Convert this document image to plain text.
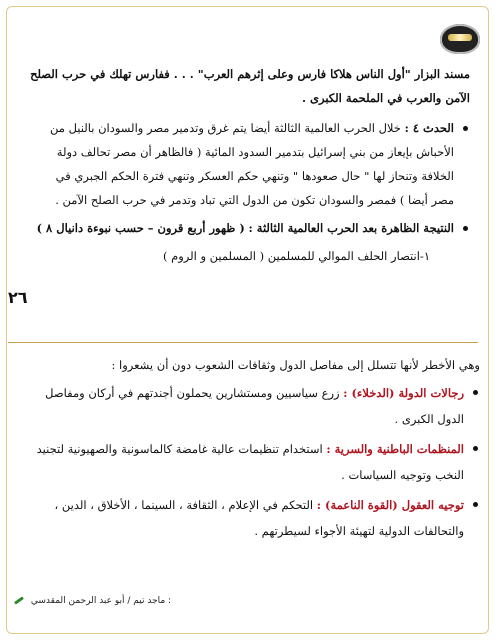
مسند البزار "أول الناس هلاكا فارس وعلى إثرهم العرب" . . . ففارس تهلك في حرب الصلح الآمن والعرب في الملحمة الكبرى .

الحدث ٤ : خلال الحرب العالمية الثالثة أيضا يتم غرق وتدمير مصر والسودان بالنيل من الأحباش بإيعاز من بني إسرائيل بتدمير السدود المائية ( فالظاهر أن مصر تحالف دولة الخلافة وتنحاز لها " حال صعودها " وتنهي حكم العسكر وتنهي فترة الحكم الجبري في مصر أيضا ) فمصر والسودان تكون من الدول التي تباد وتدمر في حرب الصلح الآمن .
النتيجة الظاهرة بعد الحرب العالمية الثالثة : ( ظهور أربع قرون – حسب نبوءة دانيال ٨ )

١-انتصار الحلف الموالي للمسلمين ( المسلمين و الروم )

٢٦

وهي الأخطر لأنها تتسلل إلى مفاصل الدول وثقافات الشعوب دون أن يشعروا :

رجالات الدولة (الدخلاء) : زرع سياسيين ومستشارين يحملون أجندتهم في أركان ومفاصل الدول الكبرى .
المنظمات الباطنية والسرية : استخدام تنظيمات عالية غامضة كالماسونية والصهيونية لتجنيد النخب وتوجيه السياسات .
توجيه العقول (القوة الناعمة) : التحكم في الإعلام ، الثقافة ، السينما ، الأخلاق ، الدين ، والتحالفات الدولية لتهيئة الأجواء لسيطرتهم .
: ماجد تيم / أبو عبد الرحمن المقدسي
